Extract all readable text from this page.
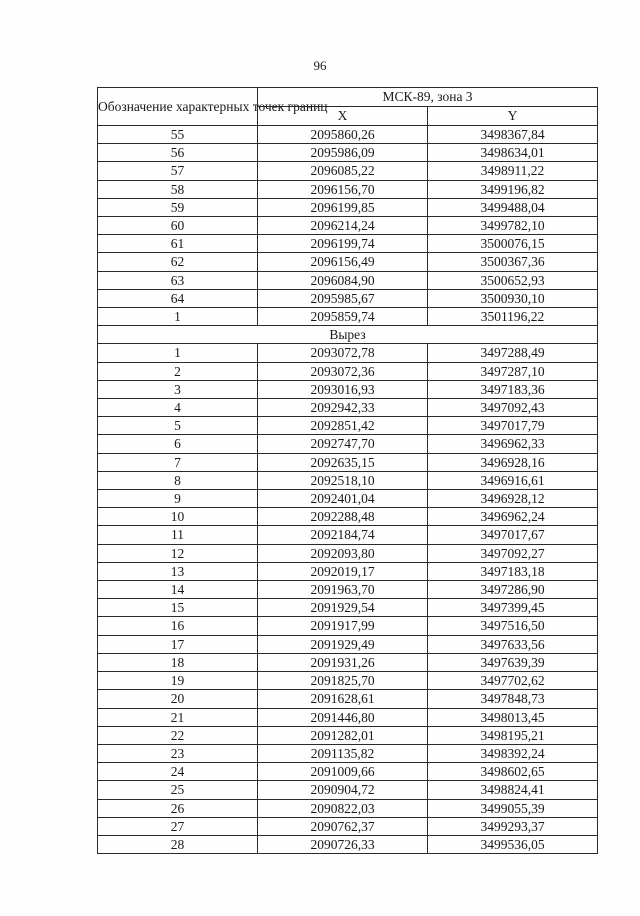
96
Обозначение характерных точек границ	МСК-89, зона 3	
	X	Y
55	2095860,26	3498367,84
56	2095986,09	3498634,01
57	2096085,22	3498911,22
58	2096156,70	3499196,82
59	2096199,85	3499488,04
60	2096214,24	3499782,10
61	2096199,74	3500076,15
62	2096156,49	3500367,36
63	2096084,90	3500652,93
64	2095985,67	3500930,10
1	2095859,74	3501196,22
Вырез		
1	2093072,78	3497288,49
2	2093072,36	3497287,10
3	2093016,93	3497183,36
4	2092942,33	3497092,43
5	2092851,42	3497017,79
6	2092747,70	3496962,33
7	2092635,15	3496928,16
8	2092518,10	3496916,61
9	2092401,04	3496928,12
10	2092288,48	3496962,24
11	2092184,74	3497017,67
12	2092093,80	3497092,27
13	2092019,17	3497183,18
14	2091963,70	3497286,90
15	2091929,54	3497399,45
16	2091917,99	3497516,50
17	2091929,49	3497633,56
18	2091931,26	3497639,39
19	2091825,70	3497702,62
20	2091628,61	3497848,73
21	2091446,80	3498013,45
22	2091282,01	3498195,21
23	2091135,82	3498392,24
24	2091009,66	3498602,65
25	2090904,72	3498824,41
26	2090822,03	3499055,39
27	2090762,37	3499293,37
28	2090726,33	3499536,05
